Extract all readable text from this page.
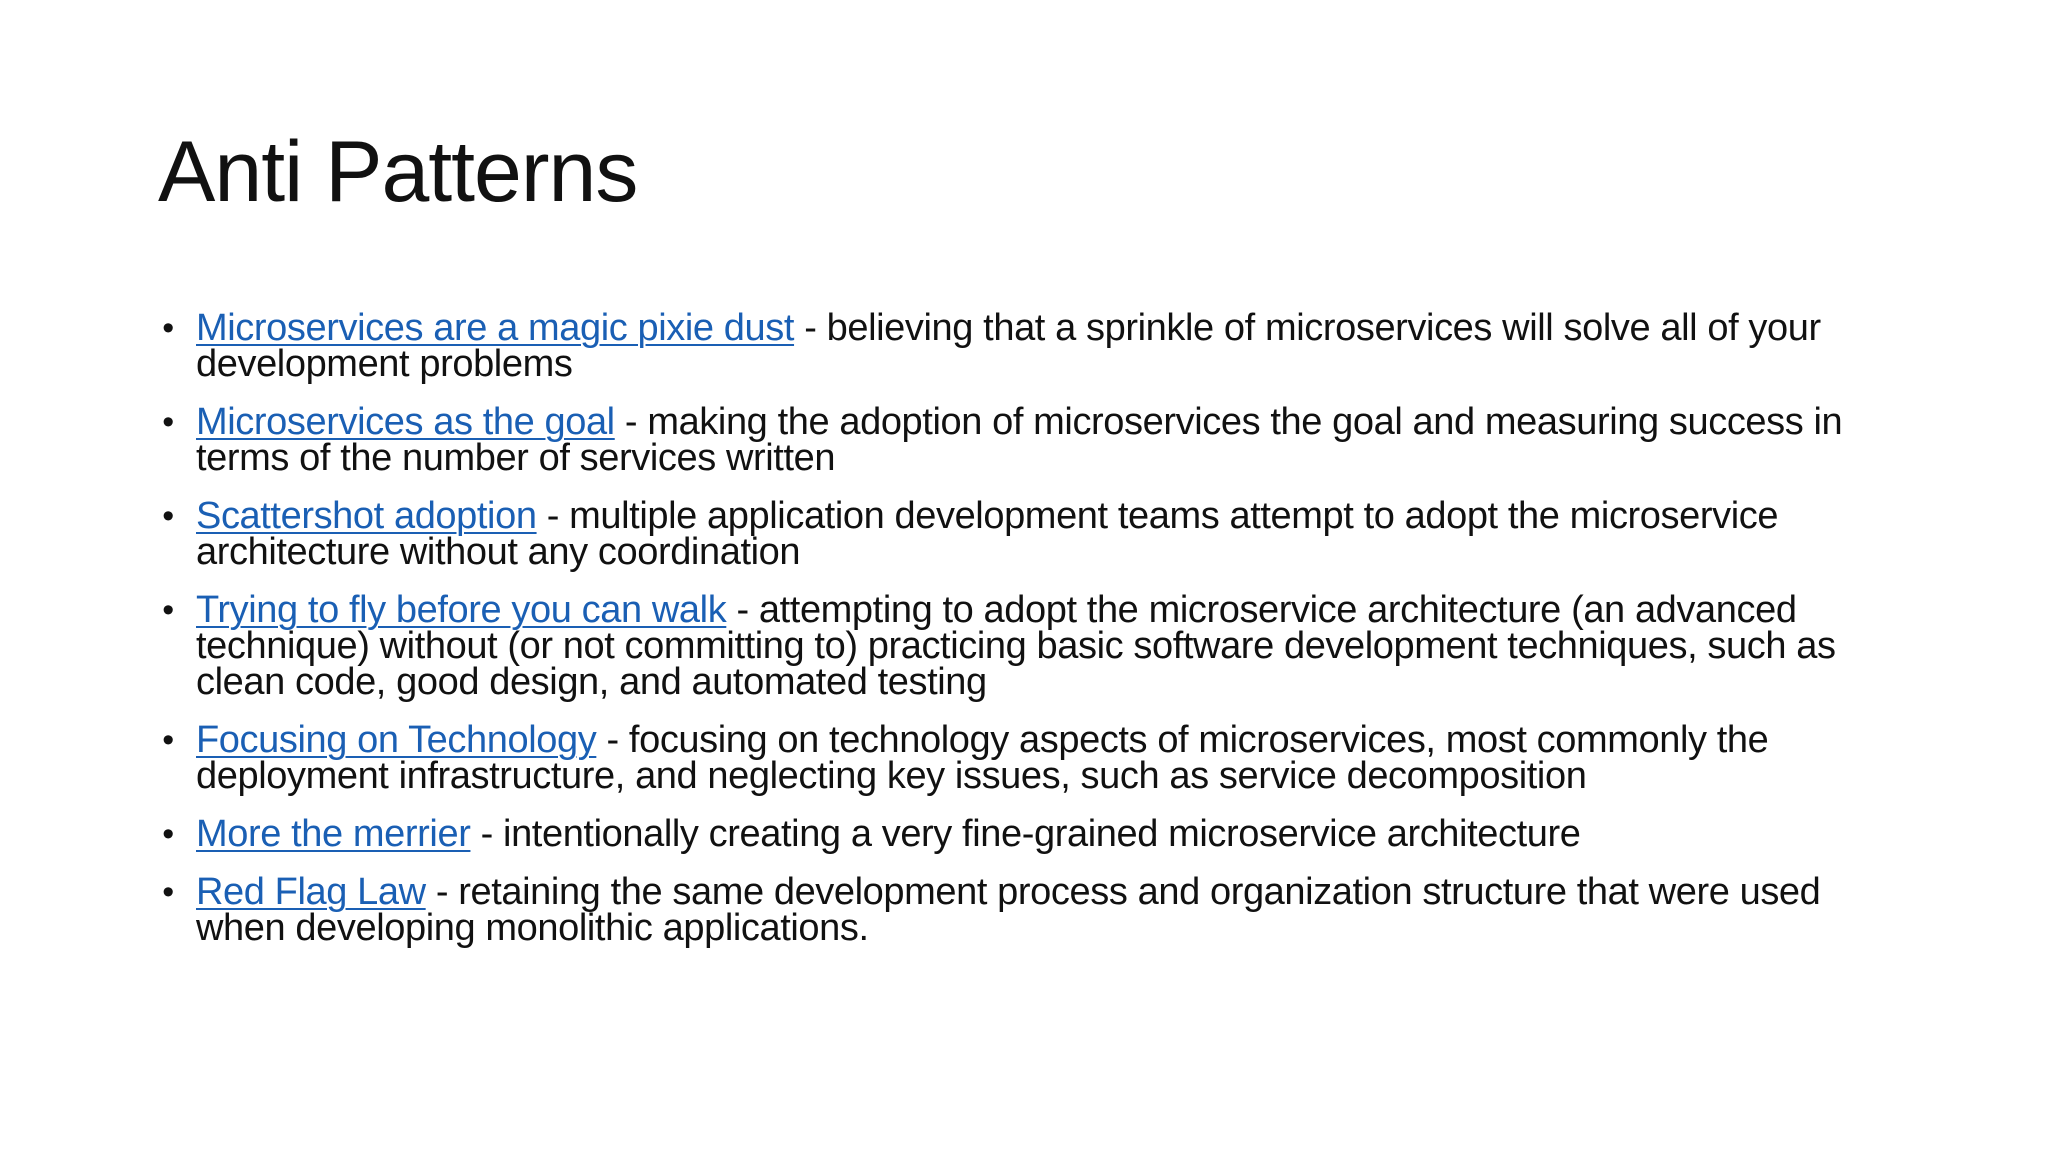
Anti Patterns
• Microservices are a magic pixie dust - believing that a sprinkle of microservices will solve all of your development problems
• Microservices as the goal - making the adoption of microservices the goal and measuring success in terms of the number of services written
• Scattershot adoption - multiple application development teams attempt to adopt the microservice architecture without any coordination
• Trying to fly before you can walk - attempting to adopt the microservice architecture (an advanced technique) without (or not committing to) practicing basic software development techniques, such as clean code, good design, and automated testing
• Focusing on Technology - focusing on technology aspects of microservices, most commonly the deployment infrastructure, and neglecting key issues, such as service decomposition
• More the merrier - intentionally creating a very fine-grained microservice architecture
• Red Flag Law - retaining the same development process and organization structure that were used when developing monolithic applications.
